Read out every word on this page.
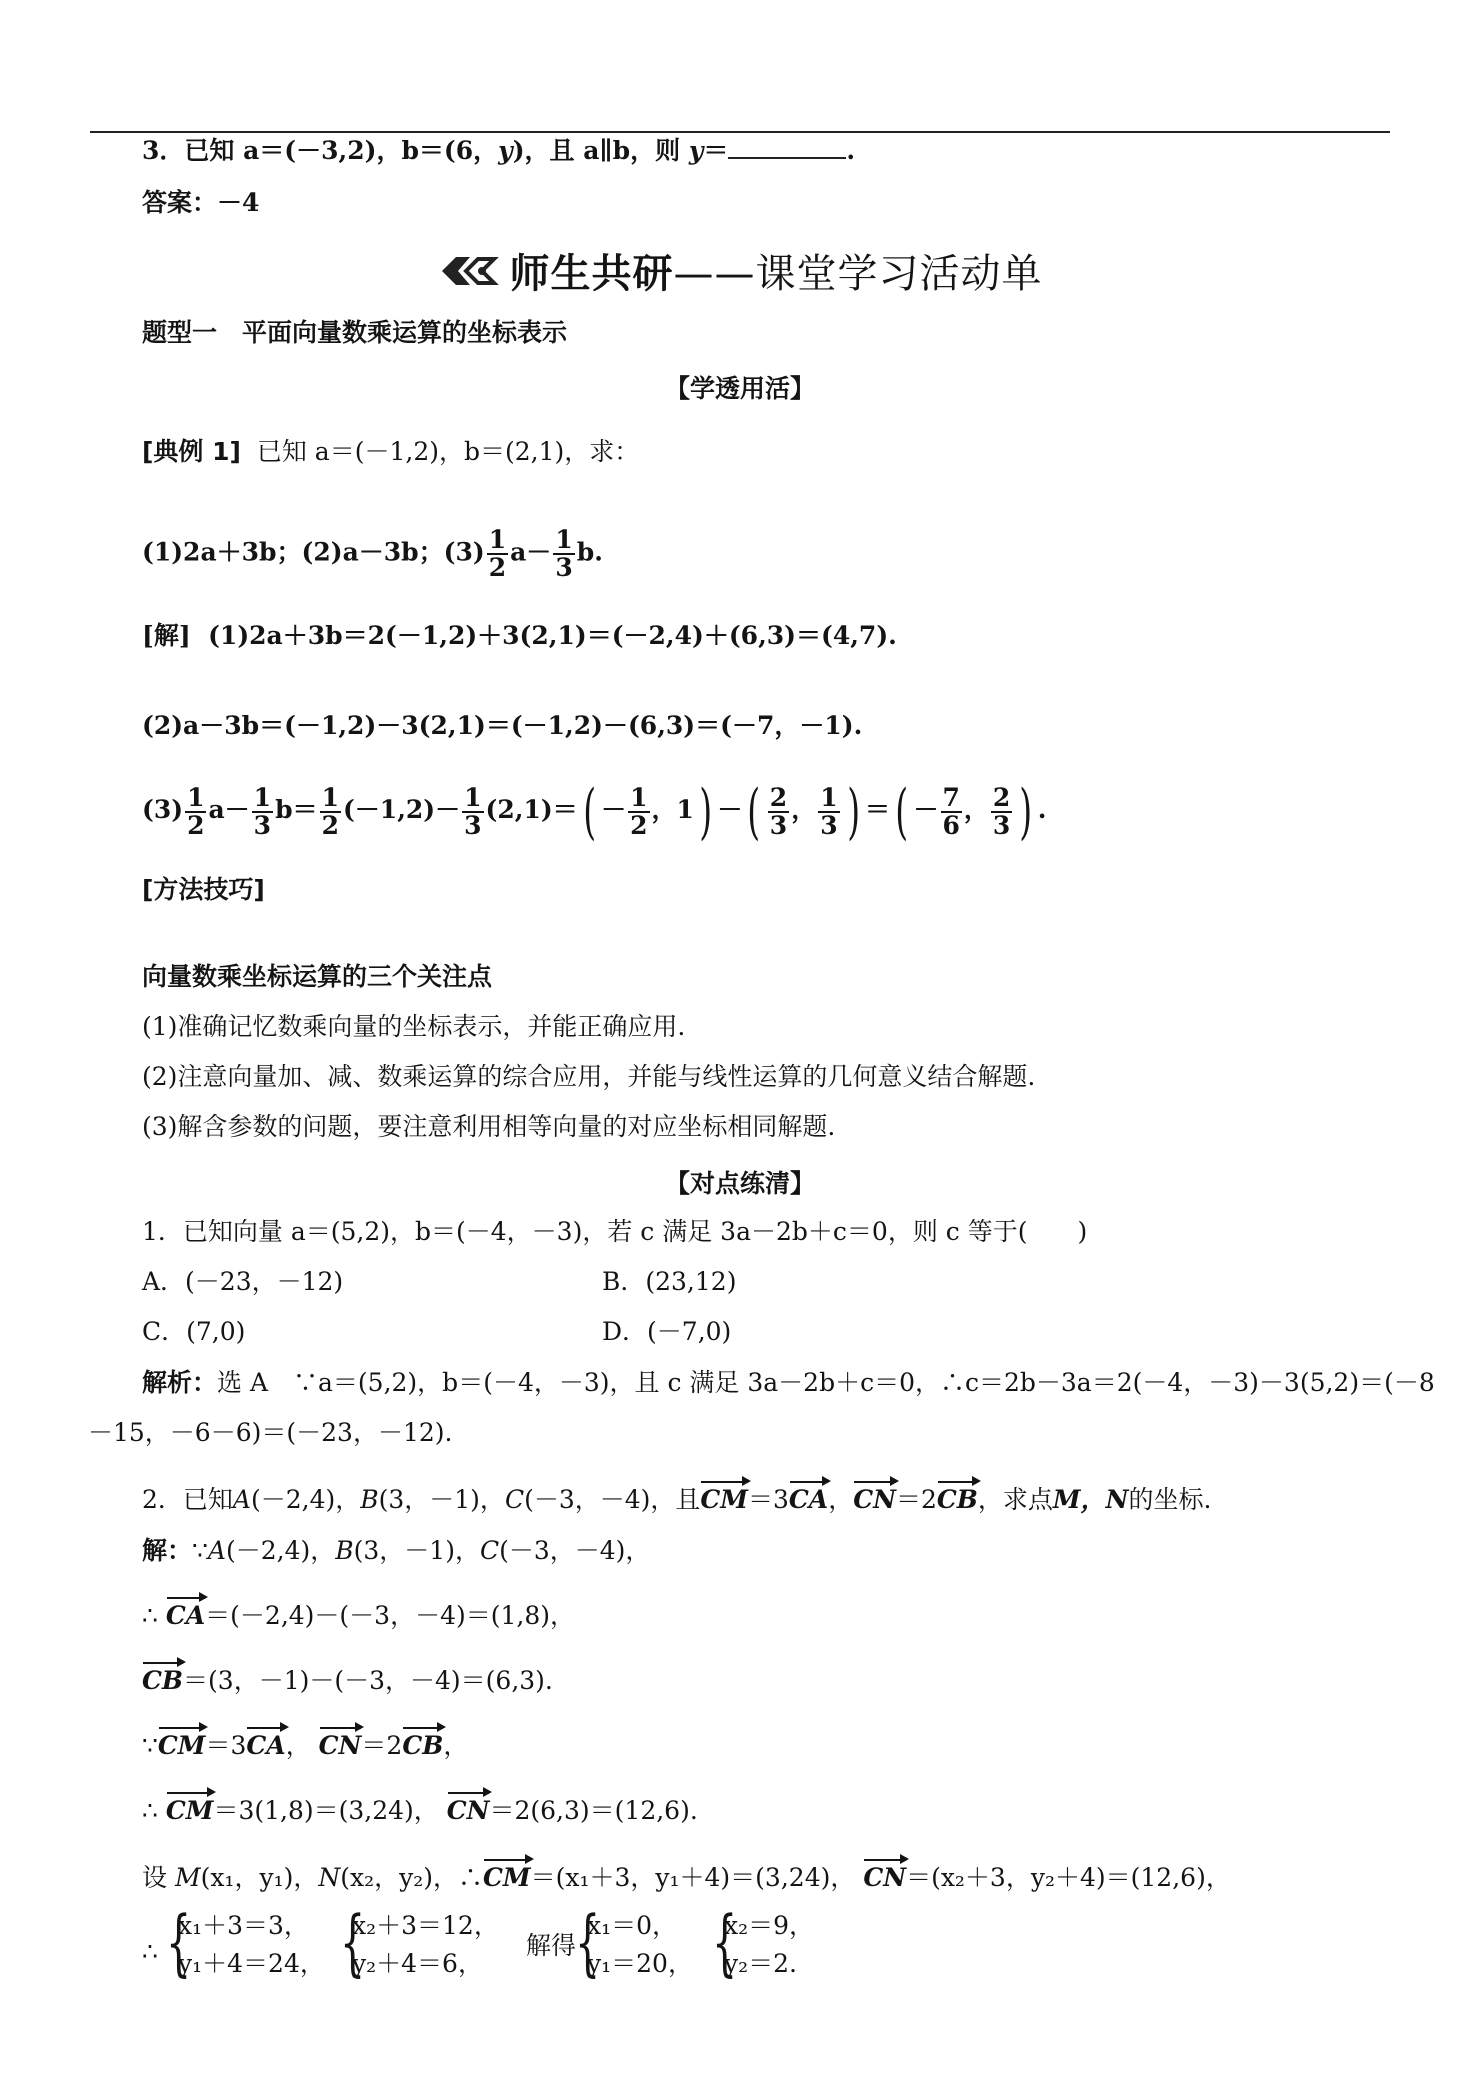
3．已知 a＝(－3,2)，b＝(6，y)，且 a∥b，则 y＝	.
答案：－4
师生共研——课堂学习活动单
题型一　平面向量数乘运算的坐标表示
【学透用活】
[典例 1] 已知 a＝(－1,2)，b＝(2,1)，求：
(1)2a＋3b；(2)a－3b；$(3) \frac{1}{2} a- \frac{1}{3} b$.
[解] (1)2a＋3b＝2(－1,2)＋3(2,1)＝(－2,4)＋(6,3)＝(4,7).
(2)a－3b＝(－1,2)－3(2,1)＝(－1,2)－(6,3)＝(－7，－1).
$(3) \frac{1}{2} a- \frac{1}{3} b= \frac{1}{2} (-1,2)- \frac{1}{3} (2,1)=( - \frac{1}{2}$ ，1) －( $\frac{2}{3}$ ， $\frac{1}{3}$ ) ＝( － $\frac{7}{6}$ ， $\frac{2}{3}$ ) .
[方法技巧]
向量数乘坐标运算的三个关注点
(1)准确记忆数乘向量的坐标表示，并能正确应用.
(2)注意向量加、减、数乘运算的综合应用，并能与线性运算的几何意义结合解题.
(3)解含参数的问题，要注意利用相等向量的对应坐标相同解题.
【对点练清】
1．已知向量 a＝(5,2)，b＝(－4，－3)，若 c 满足 3a－2b＋c＝0，则 c 等于(　　)
A．(－23，－12)	B．(23,12)
C．(7,0)	D．(－7,0)
解析：选 A　∵a＝(5,2)，b＝(－4，－3)，且 c 满足 3a－2b＋c＝0，∴c＝2b－3a＝2(－4，－3)－3(5,2)＝(－8
－15，－6－6)＝(－23，－12).
2．已知A(－2,4)，B(3，－1)，C(－3，－4)，且CM＝3CA，CN＝2CB，求点M，N的坐标.
解：∵A(－2,4)，B(3，－1)，C(－3，－4)，
∴ CA＝(－2,4)－(－3，－4)＝(1,8)，
CB＝(3，－1)－(－3，－4)＝(6,3).
∵CM＝3CA， CN＝2CB，
∴ CM＝3(1,8)＝(3,24)， CN＝2(6,3)＝(12,6).
设 M(x₁，y₁)，N(x₂，y₂)，∴CM＝(x₁＋3，y₁＋4)＝(3,24)， CN＝(x₂＋3，y₂＋4)＝(12,6)，
∴ {
x₁＋3＝3，
y₁＋4＝24， {
x₂＋3＝12，
y₂＋4＝6，
解得
{
x₁＝0，
y₁＝20， {
x₂＝9，
y₂＝2.
